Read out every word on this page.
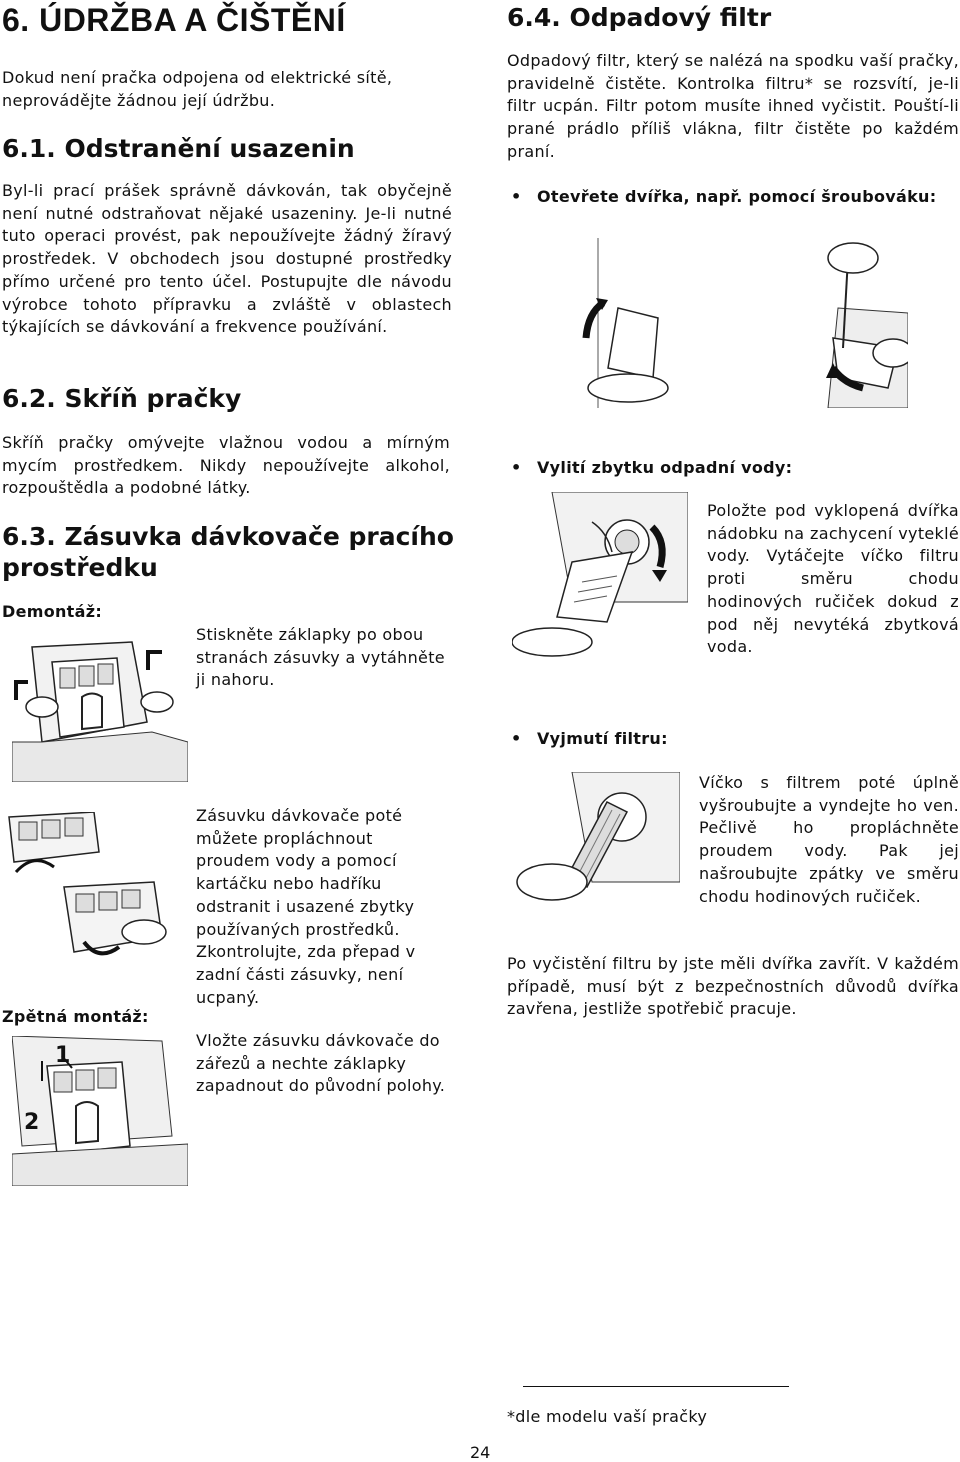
6. ÚDRŽBA A ČIŠTĚNÍ

Dokud není pračka odpojena od elektrické sítě, neprovádějte žádnou její údržbu.

6.1. Odstranění usazenin

Byl-li prací prášek správně dávkován, tak obyčejně není nutné odstraňovat nějaké usazeniny. Je-li nutné tuto operaci provést, pak nepoužívejte žádný žíravý prostředek. V obchodech jsou dostupné prostředky přímo určené pro tento účel. Postupujte dle návodu výrobce tohoto přípravku a zvláště v oblastech týkajících se dávkování a frekvence používání.

6.2. Skříň pračky

Skříň pračky omývejte vlažnou vodou a mírným mycím prostředkem. Nikdy nepoužívejte alkohol, rozpouštědla a podobné látky.

6.3. Zásuvka dávkovače pracího
prostředku

Demontáž:

Stiskněte záklapky po obou stranách zásuvky a vytáhněte ji nahoru.

Zásuvku dávkovače poté můžete propláchnout proudem vody a pomocí kartáčku nebo hadříku odstranit i usazené zbytky používaných prostředků. Zkontrolujte, zda přepad v zadní části zásuvky, není ucpaný.

Zpětná montáž:

1
2

Vložte zásuvku dávkovače do zářezů a nechte záklapky zapadnout do původní polohy.

6.4. Odpadový filtr

Odpadový filtr, který se nalézá na spodku vaší pračky, pravidelně čistěte. Kontrolka filtru* se rozsvítí, je-li filtr ucpán. Filtr potom musíte ihned vyčistit. Pouští-li prané prádlo příliš vlákna, filtr čistěte po každém praní.

• Otevřete dvířka, např. pomocí šroubováku:

• Vylití zbytku odpadní vody:

Položte pod vyklopená dvířka nádobku na zachycení vyteklé vody. Vytáčejte víčko filtru proti směru chodu hodinových ručiček dokud z pod něj nevytéká zbytková voda.

• Vyjmutí filtru:

Víčko s filtrem poté úplně vyšroubujte a vyndejte ho ven. Pečlivě ho propláchněte proudem vody. Pak jej našroubujte zpátky ve směru chodu hodinových ručiček.

Po vyčistění filtru by jste měli dvířka zavřít. V každém případě, musí být z bezpečnostních důvodů dvířka zavřena, jestliže spotřebič pracuje.

*dle modelu vaší pračky

24
